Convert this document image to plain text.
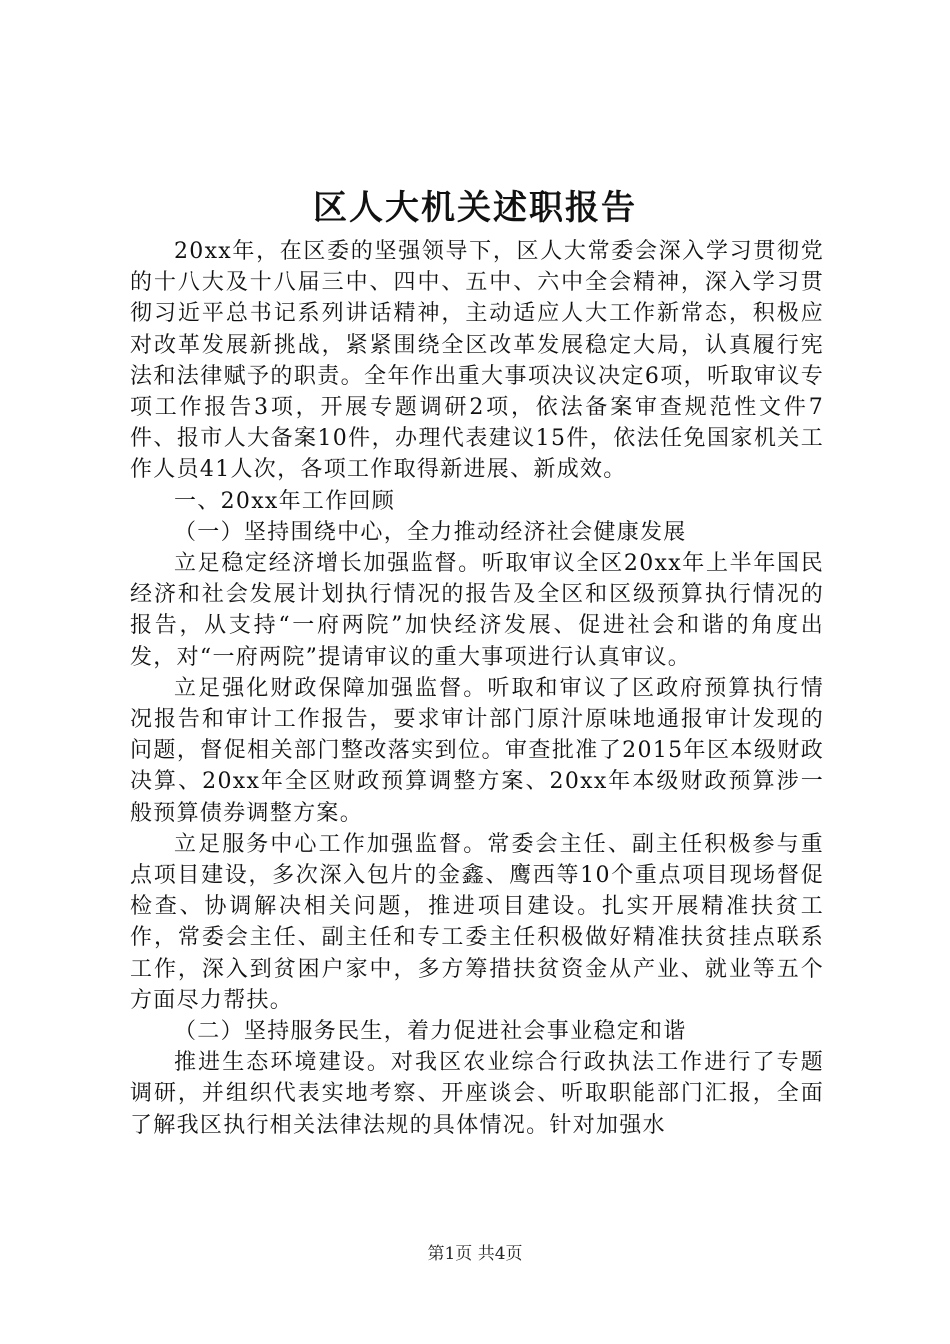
区人大机关述职报告

20xx年，在区委的坚强领导下，区人大常委会深入学习贯彻党的十八大及十八届三中、四中、五中、六中全会精神，深入学习贯彻习近平总书记系列讲话精神，主动适应人大工作新常态，积极应对改革发展新挑战，紧紧围绕全区改革发展稳定大局，认真履行宪法和法律赋予的职责。全年作出重大事项决议决定6项，听取审议专项工作报告3项，开展专题调研2项，依法备案审查规范性文件7件、报市人大备案10件，办理代表建议15件，依法任免国家机关工作人员41人次，各项工作取得新进展、新成效。

一、20xx年工作回顾

（一）坚持围绕中心，全力推动经济社会健康发展

立足稳定经济增长加强监督。听取审议全区20xx年上半年国民经济和社会发展计划执行情况的报告及全区和区级预算执行情况的报告，从支持“一府两院”加快经济发展、促进社会和谐的角度出发，对“一府两院”提请审议的重大事项进行认真审议。

立足强化财政保障加强监督。听取和审议了区政府预算执行情况报告和审计工作报告，要求审计部门原汁原味地通报审计发现的问题，督促相关部门整改落实到位。审查批准了2015年区本级财政决算、20xx年全区财政预算调整方案、20xx年本级财政预算涉一般预算债券调整方案。

立足服务中心工作加强监督。常委会主任、副主任积极参与重点项目建设，多次深入包片的金鑫、鹰西等10个重点项目现场督促检查、协调解决相关问题，推进项目建设。扎实开展精准扶贫工作，常委会主任、副主任和专工委主任积极做好精准扶贫挂点联系工作，深入到贫困户家中，多方筹措扶贫资金从产业、就业等五个方面尽力帮扶。

（二）坚持服务民生，着力促进社会事业稳定和谐

推进生态环境建设。对我区农业综合行政执法工作进行了专题调研，并组织代表实地考察、开座谈会、听取职能部门汇报，全面了解我区执行相关法律法规的具体情况。针对加强水

第1页 共4页
